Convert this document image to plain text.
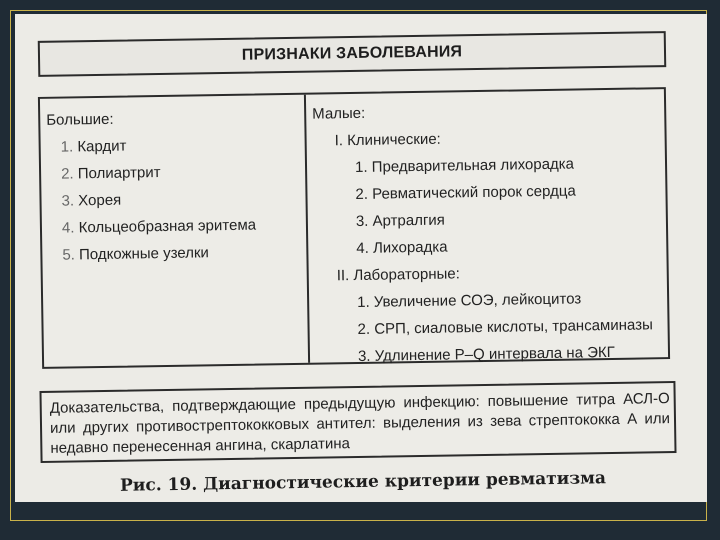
ПРИЗНАКИ ЗАБОЛЕВАНИЯ
Большие:
1. Кардит
2. Полиартрит
3. Хорея
4. Кольцеобразная эритема
5. Подкожные узелки
Малые:
I. Клинические:
1. Предварительная лихорадка
2. Ревматический порок сердца
3. Артралгия
4. Лихорадка
II. Лабораторные:
1. Увеличение СОЭ, лейкоцитоз
2. СРП, сиаловые кислоты, трансаминазы
3. Удлинение P–Q интервала на ЭКГ
Доказательства, подтверждающие предыдущую инфекцию: повышение титра АСЛ-О или других противострептококковых антител: выделения из зева стрептококка А или недавно перенесенная ангина, скарлатина
Рис. 19. Диагностические критерии ревматизма
